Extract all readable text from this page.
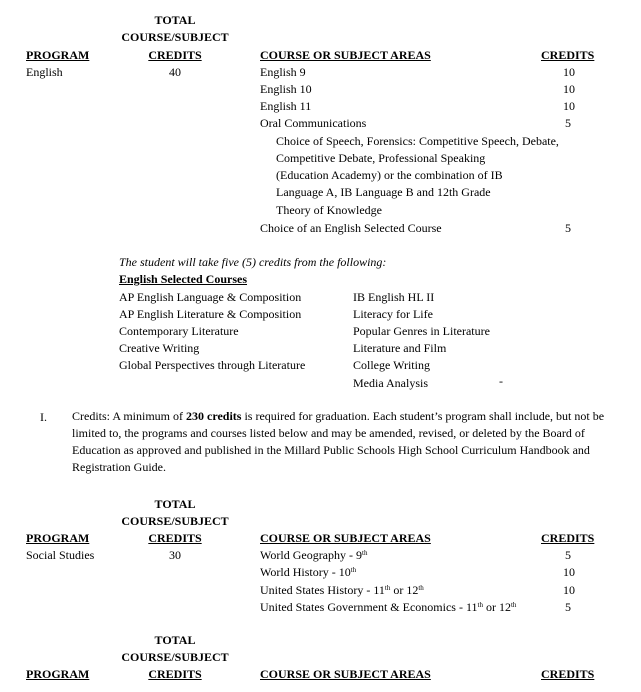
TOTAL
COURSE/SUBJECT
PROGRAM	CREDITS	COURSE OR SUBJECT AREAS	CREDITS
English	40	English 9	10
English 10	10
English 11	10
Oral Communications	5
Choice of Speech, Forensics: Competitive Speech, Debate,
Competitive Debate, Professional Speaking
(Education Academy) or the combination of IB
Language A, IB Language B and 12th Grade
Theory of Knowledge
Choice of an English Selected Course	5
The student will take five (5) credits from the following:
English Selected Courses
AP English Language & Composition
AP English Literature & Composition
Contemporary Literature
Creative Writing
Global Perspectives through Literature
IB English HL II
Literacy for Life
Popular Genres in Literature
Literature and Film
College Writing
Media Analysis	-
I. Credits: A minimum of 230 credits is required for graduation. Each student’s program shall include, but not be limited to, the programs and courses listed below and may be amended, revised, or deleted by the Board of Education as approved and published in the Millard Public Schools High School Curriculum Handbook and Registration Guide.
TOTAL
COURSE/SUBJECT
PROGRAM	CREDITS	COURSE OR SUBJECT AREAS	CREDITS
Social Studies	30	World Geography - 9th	5
World History - 10th	10
United States History - 11th or 12th	10
United States Government & Economics - 11th or 12th	5
TOTAL
COURSE/SUBJECT
PROGRAM	CREDITS	COURSE OR SUBJECT AREAS	CREDITS
